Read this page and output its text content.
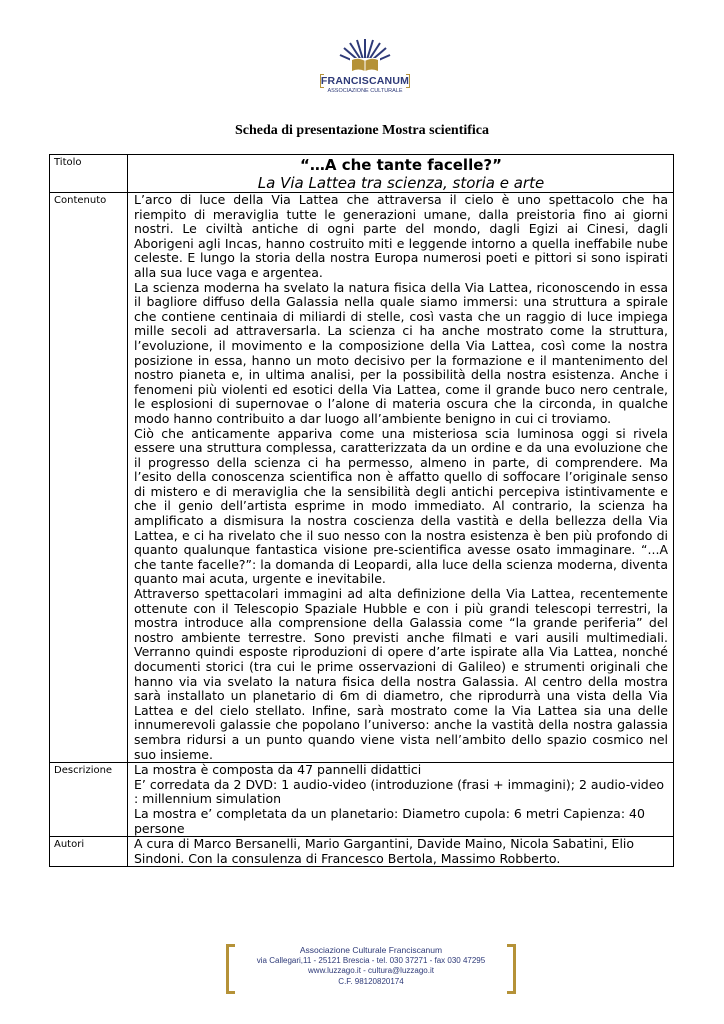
FRANCISCANUM
ASSOCIAZIONE CULTURALE
Scheda di presentazione Mostra scientifica
Titolo	“…A che tante facelle?”
La Via Lattea tra scienza, storia e arte

Contenuto	L’arco di luce della Via Lattea che attraversa il cielo è uno spettacolo che ha riempito di meraviglia tutte le generazioni umane, dalla preistoria fino ai giorni nostri. Le civiltà antiche di ogni parte del mondo, dagli Egizi ai Cinesi, dagli Aborigeni agli Incas, hanno costruito miti e leggende intorno a quella ineffabile nube celeste. E lungo la storia della nostra Europa numerosi poeti e pittori si sono ispirati alla sua luce vaga e argentea.

La scienza moderna ha svelato la natura fisica della Via Lattea, riconoscendo in essa il bagliore diffuso della Galassia nella quale siamo immersi: una struttura a spirale che contiene centinaia di miliardi di stelle, così vasta che un raggio di luce impiega mille secoli ad attraversarla. La scienza ci ha anche mostrato come la struttura, l’evoluzione, il movimento e la composizione della Via Lattea, così come la nostra posizione in essa, hanno un moto decisivo per la formazione e il mantenimento del nostro pianeta e, in ultima analisi, per la possibilità della nostra esistenza. Anche i fenomeni più violenti ed esotici della Via Lattea, come il grande buco nero centrale, le esplosioni di supernovae o l’alone di materia oscura che la circonda, in qualche modo hanno contribuito a dar luogo all’ambiente benigno in cui ci troviamo.

Ciò che anticamente appariva come una misteriosa scia luminosa oggi si rivela essere una struttura complessa, caratterizzata da un ordine e da una evoluzione che il progresso della scienza ci ha permesso, almeno in parte, di comprendere. Ma l’esito della conoscenza scientifica non è affatto quello di soffocare l’originale senso di mistero e di meraviglia che la sensibilità degli antichi percepiva istintivamente e che il genio dell’artista esprime in modo immediato. Al contrario, la scienza ha amplificato a dismisura la nostra coscienza della vastità e della bellezza della Via Lattea, e ci ha rivelato che il suo nesso con la nostra esistenza è ben più profondo di quanto qualunque fantastica visione pre-scientifica avesse osato immaginare. “...A che tante facelle?”: la domanda di Leopardi, alla luce della scienza moderna, diventa quanto mai acuta, urgente e inevitabile.

Attraverso spettacolari immagini ad alta definizione della Via Lattea, recentemente ottenute con il Telescopio Spaziale Hubble e con i più grandi telescopi terrestri, la mostra introduce alla comprensione della Galassia come “la grande periferia” del nostro ambiente terrestre. Sono previsti anche filmati e vari ausili multimediali. Verranno quindi esposte riproduzioni di opere d’arte ispirate alla Via Lattea, nonché documenti storici (tra cui le prime osservazioni di Galileo) e strumenti originali che hanno via via svelato la natura fisica della nostra Galassia. Al centro della mostra sarà installato un planetario di 6m di diametro, che riprodurrà una vista della Via Lattea e del cielo stellato. Infine, sarà mostrato come la Via Lattea sia una delle innumerevoli galassie che popolano l’universo: anche la vastità della nostra galassia sembra ridursi a un punto quando viene vista nell’ambito dello spazio cosmico nel suo insieme.

Descrizione	La mostra è composta da 47 pannelli didattici

E’ corredata da 2 DVD: 1 audio-video (introduzione (frasi + immagini); 2 audio-video : millennium simulation

La mostra e’ completata da un planetario: Diametro cupola: 6 metri Capienza: 40 persone

Autori	A cura di Marco Bersanelli, Mario Gargantini, Davide Maino, Nicola Sabatini, Elio Sindoni. Con la consulenza di Francesco Bertola, Massimo Robberto.

Associazione Culturale Franciscanum
via Callegari,11 - 25121 Brescia - tel. 030 37271 - fax 030 47295
www.luzzago.it - cultura@luzzago.it
C.F. 98120820174
